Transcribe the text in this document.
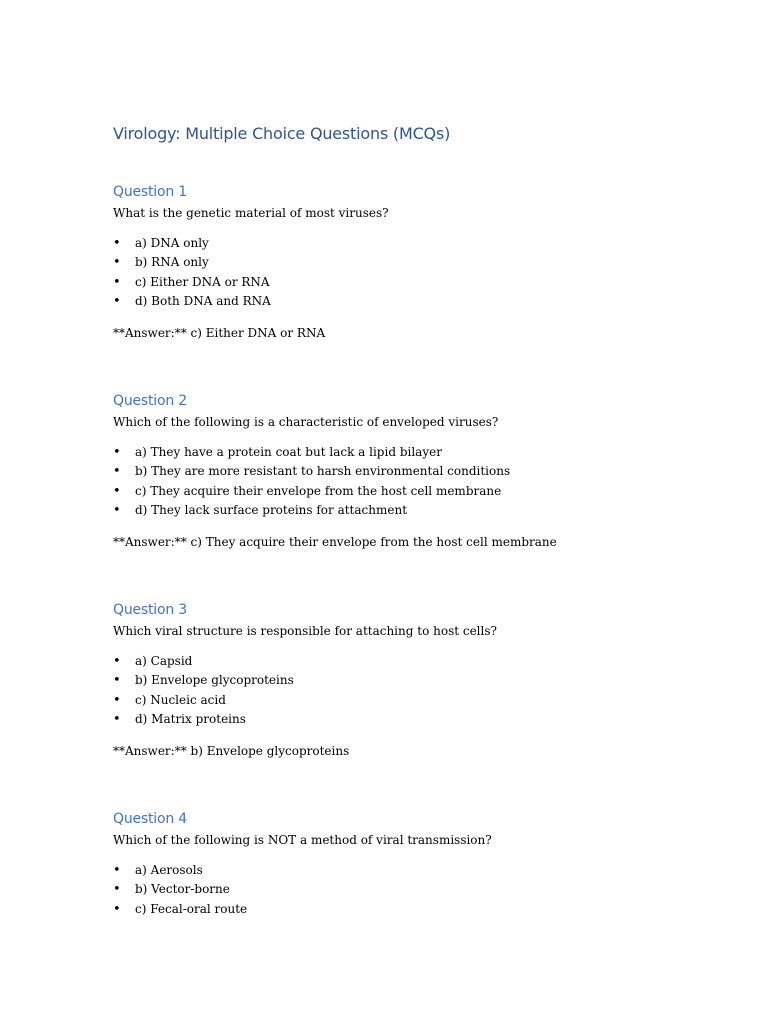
Virology: Multiple Choice Questions (MCQs)
Question 1

What is the genetic material of most viruses?

• a) DNA only
• b) RNA only
• c) Either DNA or RNA
• d) Both DNA and RNA

**Answer:** c) Either DNA or RNA

Question 2

Which of the following is a characteristic of enveloped viruses?

• a) They have a protein coat but lack a lipid bilayer
• b) They are more resistant to harsh environmental conditions
• c) They acquire their envelope from the host cell membrane
• d) They lack surface proteins for attachment

**Answer:** c) They acquire their envelope from the host cell membrane

Question 3

Which viral structure is responsible for attaching to host cells?

• a) Capsid
• b) Envelope glycoproteins
• c) Nucleic acid
• d) Matrix proteins

**Answer:** b) Envelope glycoproteins

Question 4

Which of the following is NOT a method of viral transmission?

• a) Aerosols
• b) Vector-borne
• c) Fecal-oral route
